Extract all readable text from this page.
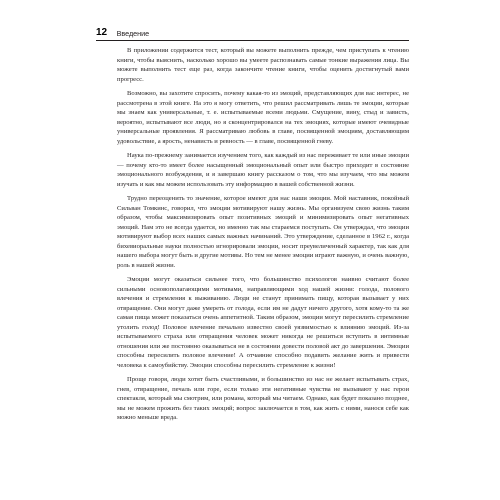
12 Введение

В приложении содержится тест, который вы можете выполнить прежде, чем приступать к чтению книги, чтобы выяснить, насколько хорошо вы умеете распознавать самые тонкие выражения лица. Вы можете выполнить тест еще раз, когда закончите чтение книги, чтобы оценить достигнутый вами прогресс.

Возможно, вы захотите спросить, почему какая-то из эмоций, представляющих для вас интерес, не рассмотрена в этой книге. На это я могу ответить, что решил рассматривать лишь те эмоции, которые мы знаем как универсальные, т. е. испытываемые всеми людьми. Смущение, вину, стыд и зависть, вероятно, испытывают все люди, но я сконцентрировался на тех эмоциях, которые имеют очевидные универсальные проявления. Я рассматриваю любовь в главе, посвященной эмоциям, доставляющим удовольствие, а ярость, ненависть и ревность — в главе, посвященной гневу.

Наука по-прежнему занимается изучением того, как каждый из нас переживает те или иные эмоции — почему кто-то имеет более насыщенный эмоциональный опыт или быстро приходит в состояние эмоционального возбуждения, и я завершаю книгу рассказом о том, что мы изучаем, что мы можем изучать и как мы можем использовать эту информацию в вашей собственной жизни.

Трудно переоценить то значение, которое имеют для нас наши эмоции. Мой наставник, покойный Сильван Томкинс, говорил, что эмоции мотивируют нашу жизнь. Мы организуем свою жизнь таким образом, чтобы максимизировать опыт позитивных эмоций и минимизировать опыт негативных эмоций. Нам это не всегда удается, но именно так мы стараемся поступать. Он утверждал, что эмоции мотивируют выбор всех наших самых важных начинаний. Это утверждение, сделанное в 1962 г., когда бихевиоральные науки полностью игнорировали эмоции, носит преувеличенный характер, так как для нашего выбора могут быть и другие мотивы. Но тем не менее эмоции играют важную, и очень важную, роль в нашей жизни.

Эмоции могут оказаться сильнее того, что большинство психологов наивно считают более сильными основополагающими мотивами, направляющими ход нашей жизни: голода, полового влечения и стремления к выживанию. Люди не станут принимать пищу, которая вызывает у них отвращение. Они могут даже умереть от голода, если им не дадут ничего другого, хотя кому-то та же самая пища может показаться очень аппетитной. Таким образом, эмоции могут пересилить стремление утолить голод! Половое влечение печально известно своей уязвимостью к влиянию эмоций. Из-за испытываемого страха или отвращения человек может никогда не решиться вступить в интимные отношения или же постоянно оказываться не в состоянии довести половой акт до завершения. Эмоции способны пересилить половое влечение! А отчаяние способно подавить желание жить и привести человека к самоубийству. Эмоции способны пересилить стремление к жизни!

Проще говоря, люди хотят быть счастливыми, и большинство из нас не желает испытывать страх, гнев, отвращение, печаль или горе, если только эти негативные чувства не вызывают у нас герои спектакля, который мы смотрим, или романа, который мы читаем. Однако, как будет показано позднее, мы не можем прожить без таких эмоций; вопрос заключается в том, как жить с ними, нанося себе как можно меньше вреда.
